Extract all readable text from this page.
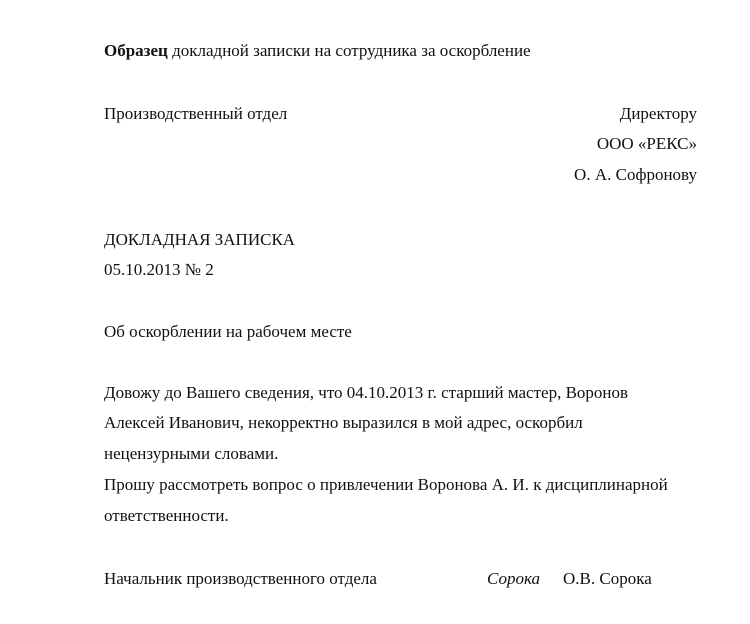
Образец докладной записки на сотрудника за оскорбление
Производственный отдел	Директору
ООО «РЕКС»
О. А. Софронову
ДОКЛАДНАЯ ЗАПИСКА
05.10.2013 № 2
Об оскорблении на рабочем месте
Довожу до Вашего сведения, что 04.10.2013 г. старший мастер, Воронов
Алексей Иванович, некорректно выразился в мой адрес, оскорбил
нецензурными словами.
Прошу рассмотреть вопрос о привлечении Воронова А. И. к дисциплинарной
ответственности.
Начальник производственного отдела	Сорока О.В. Сорока
